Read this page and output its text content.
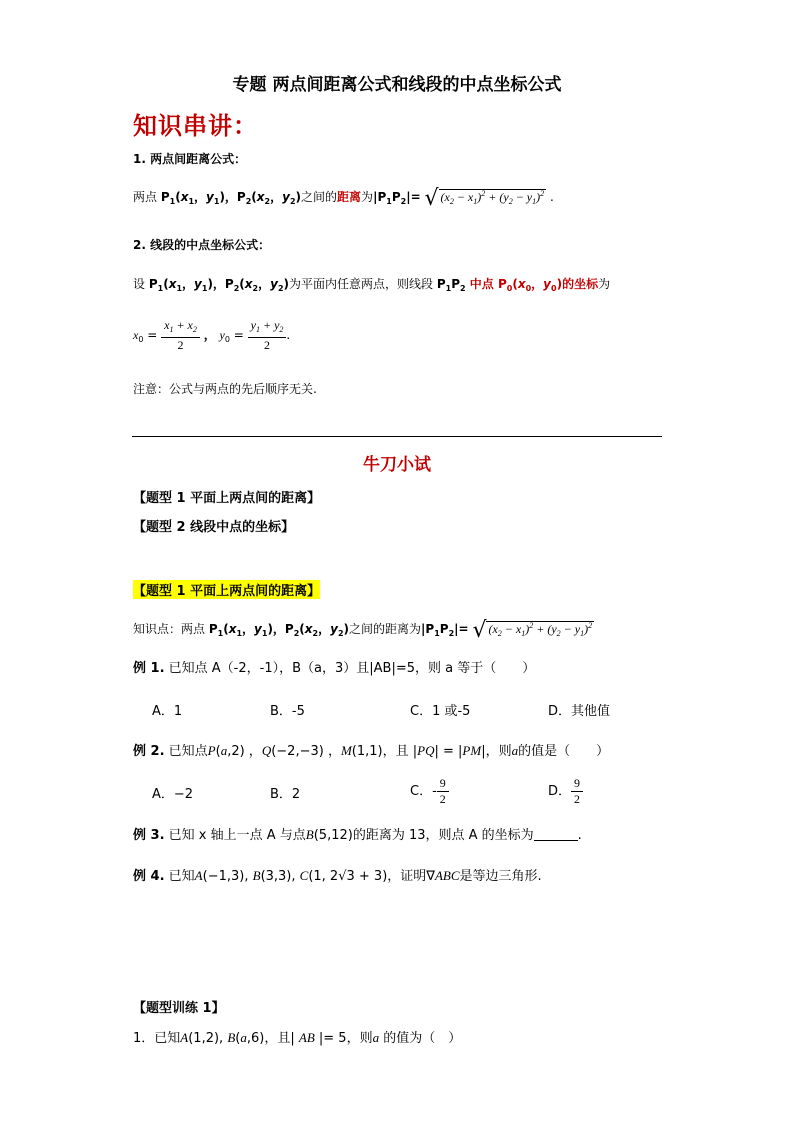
专题 两点间距离公式和线段的中点坐标公式
知识串讲：
1. 两点间距离公式：
两点 $P_1(x_1$，$y_1$)，$P_2(x_2$，$y_2$)之间的距离为$|P_1P_2|=$ √ $(x_2 - x_1)^2 + (y_2 - y_1)^2$ .
2. 线段的中点坐标公式：
设 $P_1(x_1$，$y_1$)，$P_2(x_2$，$y_2$)为平面内任意两点，则线段 $P_1P_2$ 中点 $P_0(x_0$，$y_0$)的坐标为
$x_0 = \frac{x_1 + x_2}{2}$ ， $y_0 = \frac{y_1 + y_2}{2}$ .
注意：公式与两点的先后顺序无关.
牛刀小试
【题型 1 平面上两点间的距离】
【题型 2 线段中点的坐标】
【题型 1 平面上两点间的距离】
知识点：两点 $P_1(x_1$，$y_1$)，$P_2(x_2$，$y_2$)之间的距离为$|P_1P_2|=$ √ $(x_2 - x_1)^2 + (y_2 - y_1)^2$
例 1. 已知点 A（-2，-1），B（a，3）且|AB|=5，则 a 等于（　　）
A．1	B．-5	C．1 或-5	D．其他值
例 2. 已知点P(a,2) ，Q(−2,−3) ，M(1,1)，且 |PQ| = |PM|，则a的值是（　　）
A．−2	B．2	C．- $\frac{9}{2}$	D． $\frac{9}{2}$
例 3. 已知 x 轴上一点 A 与点B(5,12)的距离为 13，则点 A 的坐标为	.
例 4. 已知A(−1,3), B(3,3), C(1, 2√3 + 3)，证明∇ABC是等边三角形.
【题型训练 1】
1．已知A(1,2), B(a,6)，且| AB |= 5，则a 的值为（　）
